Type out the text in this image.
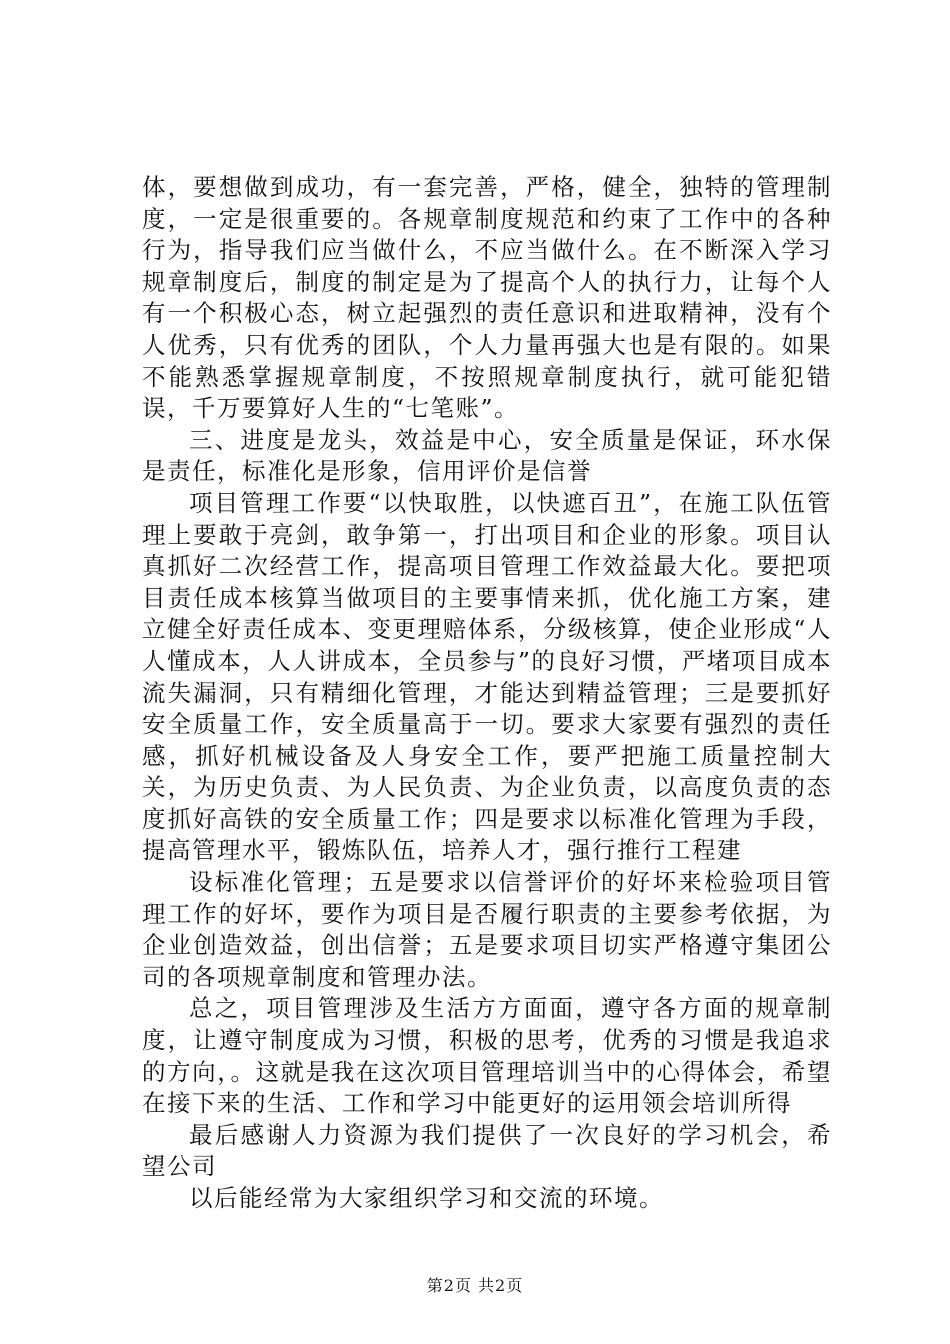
体，要想做到成功，有一套完善，严格，健全，独特的管理制度，一定是很重要的。各规章制度规范和约束了工作中的各种行为，指导我们应当做什么，不应当做什么。在不断深入学习规章制度后，制度的制定是为了提高个人的执行力，让每个人有一个积极心态，树立起强烈的责任意识和进取精神，没有个人优秀，只有优秀的团队，个人力量再强大也是有限的。如果不能熟悉掌握规章制度，不按照规章制度执行，就可能犯错误，千万要算好人生的“七笔账”。

三、进度是龙头，效益是中心，安全质量是保证，环水保是责任，标准化是形象，信用评价是信誉

项目管理工作要“以快取胜，以快遮百丑”，在施工队伍管理上要敢于亮剑，敢争第一，打出项目和企业的形象。项目认真抓好二次经营工作，提高项目管理工作效益最大化。要把项目责任成本核算当做项目的主要事情来抓，优化施工方案，建立健全好责任成本、变更理赔体系，分级核算，使企业形成“人人懂成本，人人讲成本，全员参与”的良好习惯，严堵项目成本流失漏洞，只有精细化管理，才能达到精益管理；三是要抓好安全质量工作，安全质量高于一切。要求大家要有强烈的责任感，抓好机械设备及人身安全工作，要严把施工质量控制大关，为历史负责、为人民负责、为企业负责，以高度负责的态度抓好高铁的安全质量工作；四是要求以标准化管理为手段，提高管理水平，锻炼队伍，培养人才，强行推行工程建

设标准化管理；五是要求以信誉评价的好坏来检验项目管理工作的好坏，要作为项目是否履行职责的主要参考依据，为企业创造效益，创出信誉；五是要求项目切实严格遵守集团公司的各项规章制度和管理办法。

总之，项目管理涉及生活方方面面，遵守各方面的规章制度，让遵守制度成为习惯，积极的思考，优秀的习惯是我追求的方向，。这就是我在这次项目管理培训当中的心得体会，希望在接下来的生活、工作和学习中能更好的运用领会培训所得

最后感谢人力资源为我们提供了一次良好的学习机会，希望公司

以后能经常为大家组织学习和交流的环境。

第2页 共2页
